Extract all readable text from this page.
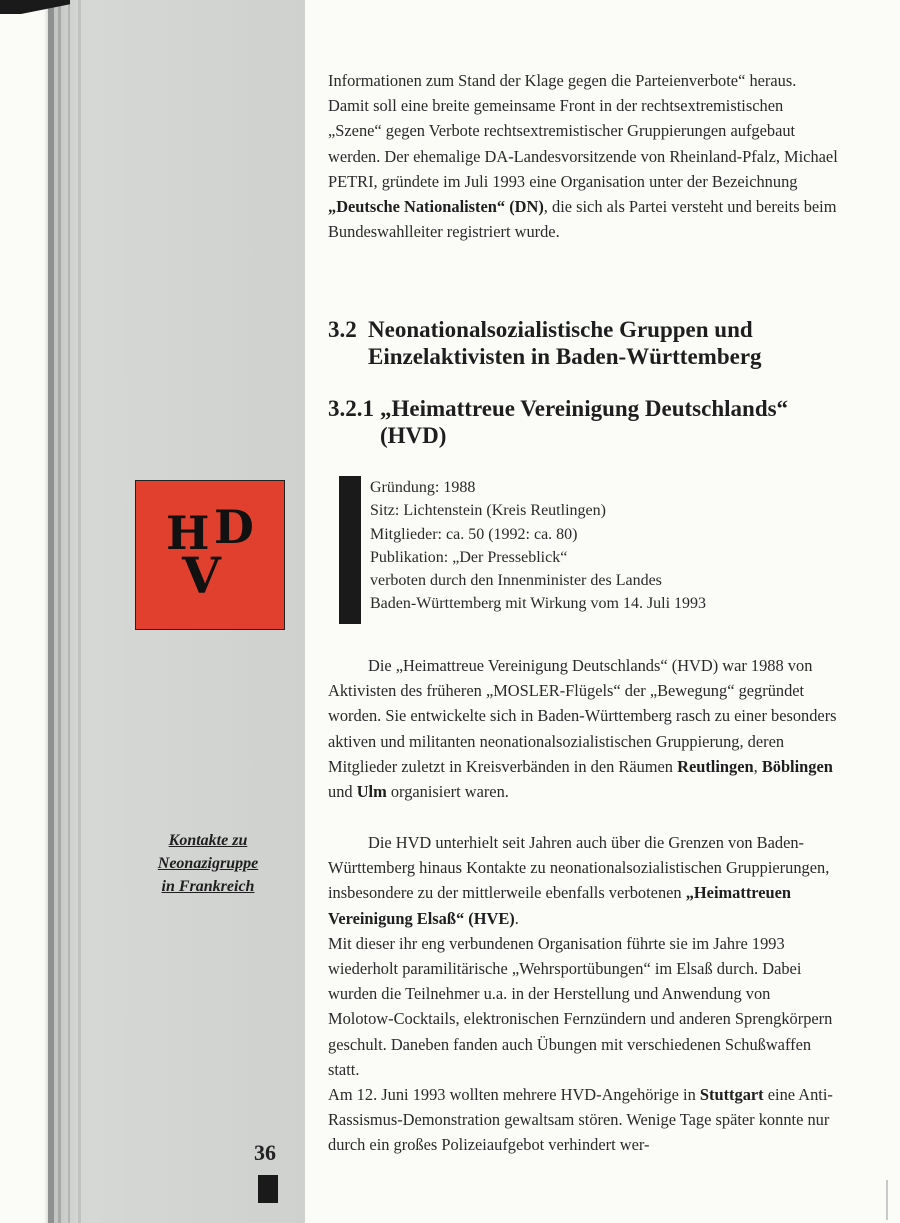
Informationen zum Stand der Klage gegen die Parteienverbote“ heraus. Damit soll eine breite gemeinsame Front in der rechtsextremistischen „Szene“ gegen Verbote rechtsextremistischer Gruppierungen aufgebaut werden. Der ehemalige DA-Landesvorsitzende von Rheinland-Pfalz, Michael PETRI, gründete im Juli 1993 eine Organisation unter der Bezeichnung „Deutsche Nationalisten“ (DN), die sich als Partei versteht und bereits beim Bundeswahlleiter registriert wurde.

3.2 Neonationalsozialistische Gruppen und
Einzelaktivisten in Baden-Württemberg
3.2.1 „Heimattreue Vereinigung Deutschlands“
(HVD)
H D
V
Gründung: 1988
Sitz: Lichtenstein (Kreis Reutlingen)
Mitglieder: ca. 50 (1992: ca. 80)
Publikation: „Der Presseblick“
verboten durch den Innenminister des Landes
Baden-Württemberg mit Wirkung vom 14. Juli 1993

Die „Heimattreue Vereinigung Deutschlands“ (HVD) war 1988 von Aktivisten des früheren „MOSLER-Flügels“ der „Bewegung“ gegründet worden. Sie entwickelte sich in Baden-Württemberg rasch zu einer besonders aktiven und militanten neonationalsozialistischen Gruppierung, deren Mitglieder zuletzt in Kreisverbänden in den Räumen Reutlingen, Böblingen und Ulm organisiert waren.

Kontakte zu
Neonazigruppe
in Frankreich

Die HVD unterhielt seit Jahren auch über die Grenzen von Baden-Württemberg hinaus Kontakte zu neonationalsozialistischen Gruppierungen, insbesondere zu der mittlerweile ebenfalls verbotenen „Heimattreuen Vereinigung Elsaß“ (HVE).

Mit dieser ihr eng verbundenen Organisation führte sie im Jahre 1993 wiederholt paramilitärische „Wehrsportübungen“ im Elsaß durch. Dabei wurden die Teilnehmer u.a. in der Herstellung und Anwendung von Molotow-Cocktails, elektronischen Fernzündern und anderen Sprengkörpern geschult. Daneben fanden auch Übungen mit verschiedenen Schußwaffen statt.

Am 12. Juni 1993 wollten mehrere HVD-Angehörige in Stuttgart eine Anti-Rassismus-Demonstration gewaltsam stören. Wenige Tage später konnte nur durch ein großes Polizeiaufgebot verhindert wer-

36
